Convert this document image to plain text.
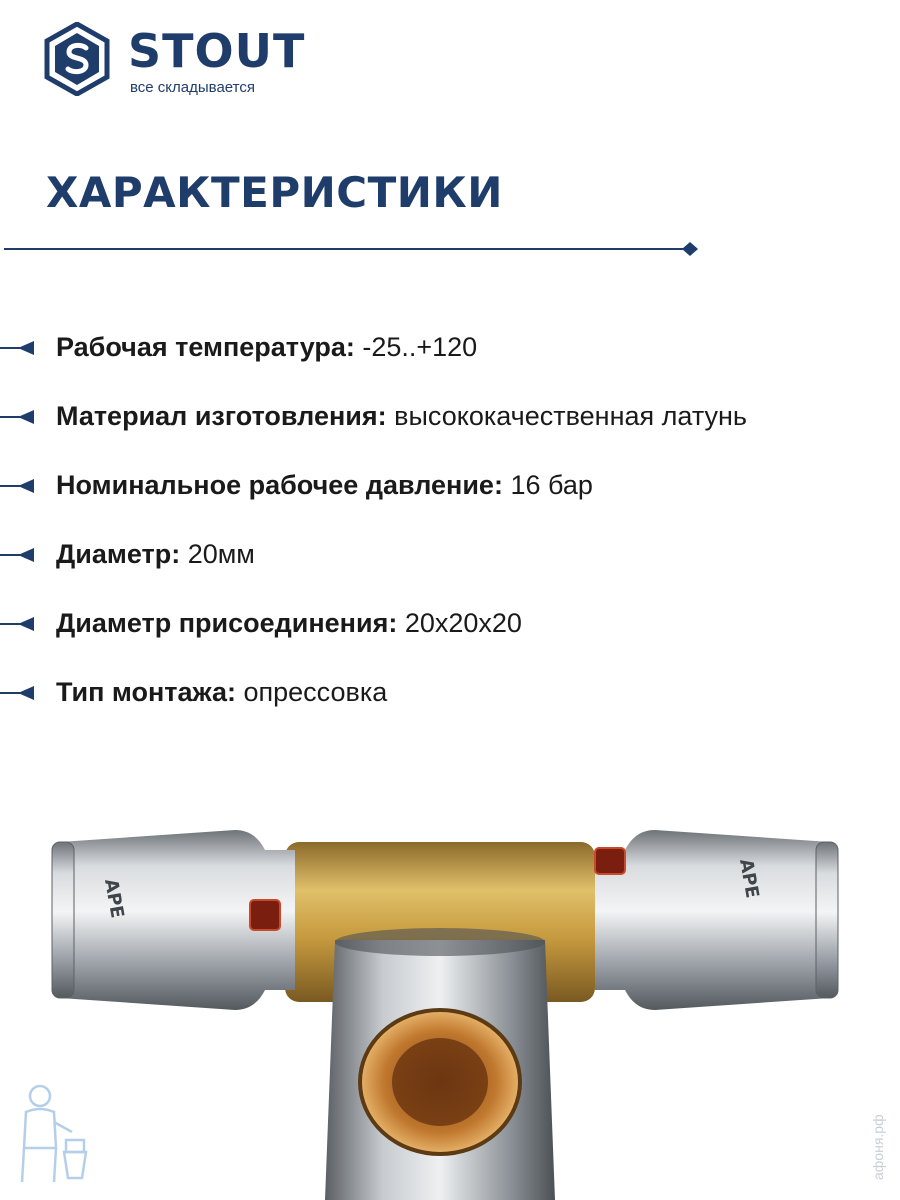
STOUT
все складывается
ХАРАКТЕРИСТИКИ
Рабочая температура: -25..+120
Материал изготовления: высококачественная латунь
Номинальное рабочее давление: 16 бар
Диаметр: 20мм
Диаметр присоединения: 20х20х20
Тип монтажа: опрессовка
APE	APE
афоня.рф
